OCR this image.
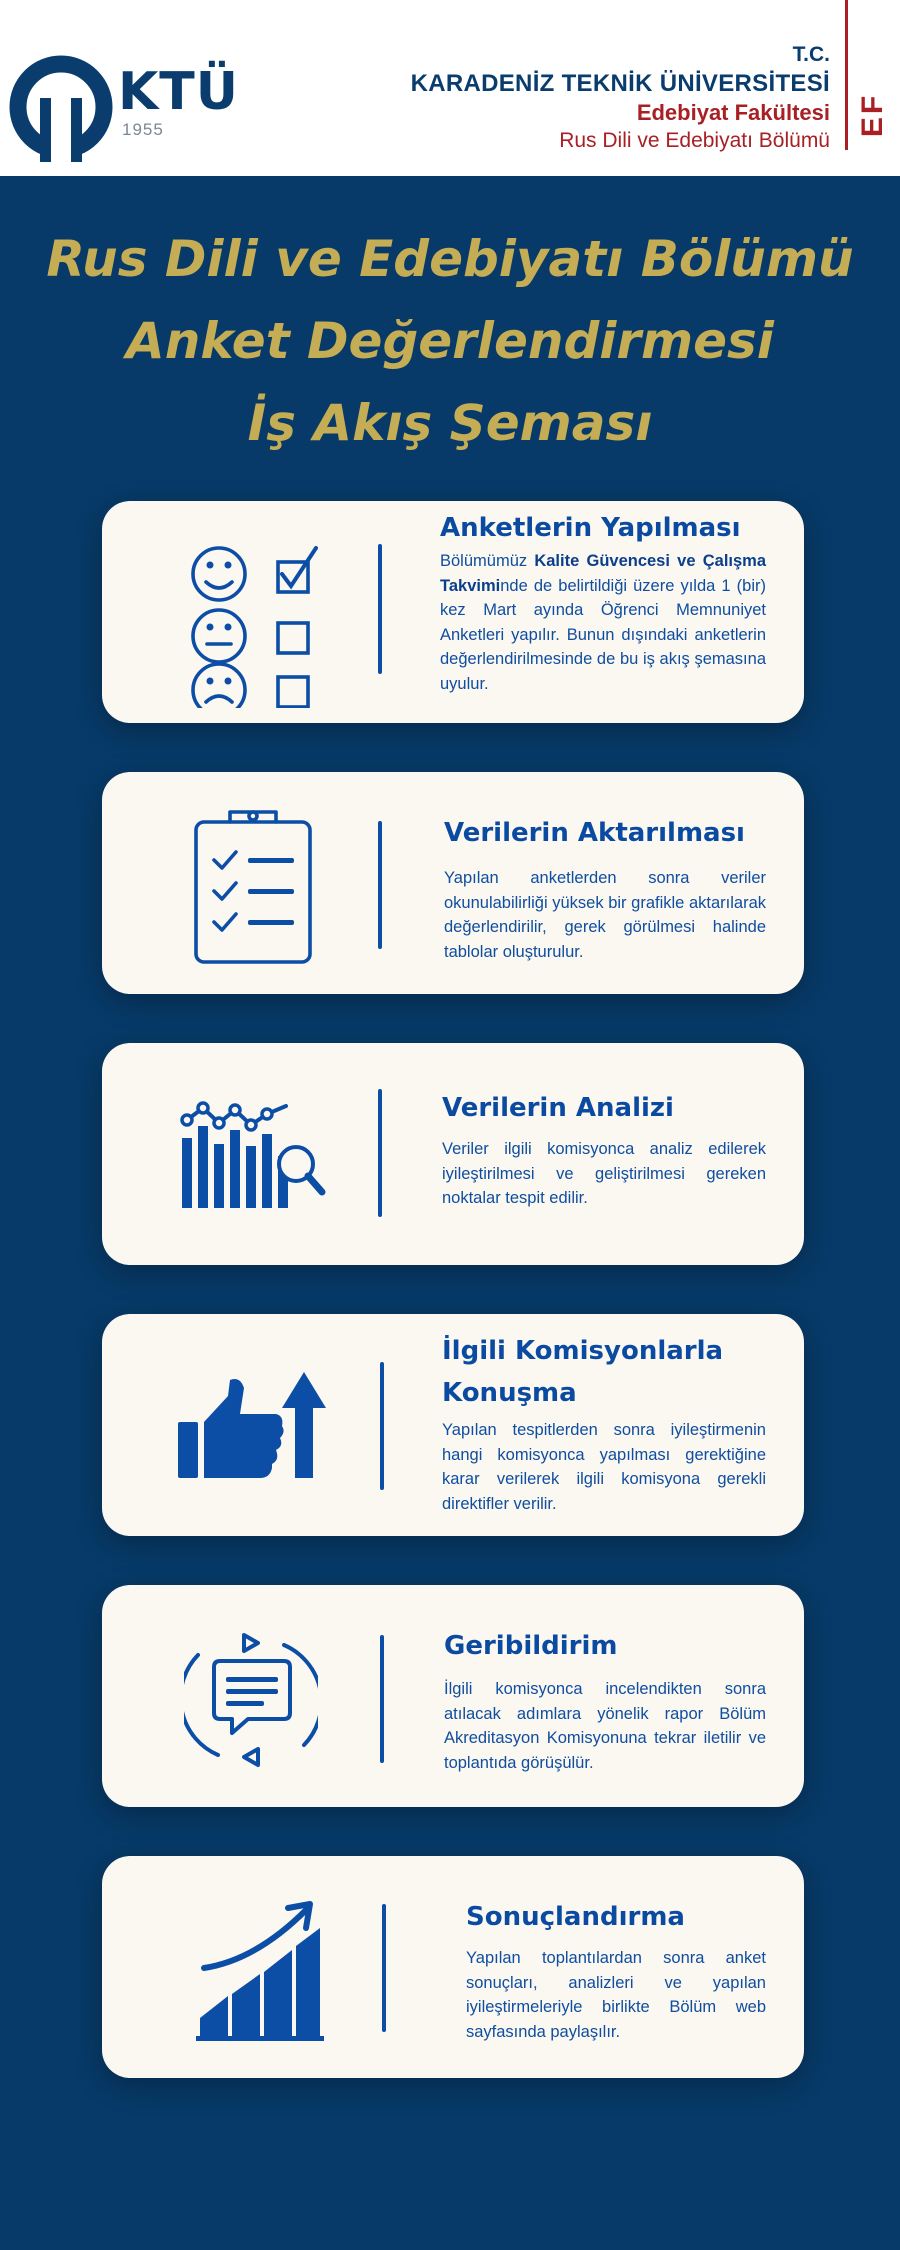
KTÜ
1955
T.C.
KARADENİZ TEKNİK ÜNİVERSİTESİ
Edebiyat Fakültesi
Rus Dili ve Edebiyatı Bölümü
EF
Rus Dili ve Edebiyatı Bölümü
Anket Değerlendirmesi
İş Akış Şeması
Anketlerin Yapılması

Bölümümüz Kalite Güvencesi ve Çalışma Takviminde de belirtildiği üzere yılda 1 (bir) kez Mart ayında Öğrenci Memnuniyet Anketleri yapılır. Bunun dışındaki anketlerin değerlendirilmesinde de bu iş akış şemasına uyulur.

Verilerin Aktarılması

Yapılan anketlerden sonra veriler okunulabilirliği yüksek bir grafikle aktarılarak değerlendirilir, gerek görülmesi halinde tablolar oluşturulur.

Verilerin Analizi

Veriler ilgili komisyonca analiz edilerek iyileştirilmesi ve geliştirilmesi gereken noktalar tespit edilir.

İlgili Komisyonlarla
Konuşma

Yapılan tespitlerden sonra iyileştirmenin hangi komisyonca yapılması gerektiğine karar verilerek ilgili komisyona gerekli direktifler verilir.

Geribildirim

İlgili komisyonca incelendikten sonra atılacak adımlara yönelik rapor Bölüm Akreditasyon Komisyonuna tekrar iletilir ve toplantıda görüşülür.

Sonuçlandırma

Yapılan toplantılardan sonra anket sonuçları, analizleri ve yapılan iyileştirmeleriyle birlikte Bölüm web sayfasında paylaşılır.
